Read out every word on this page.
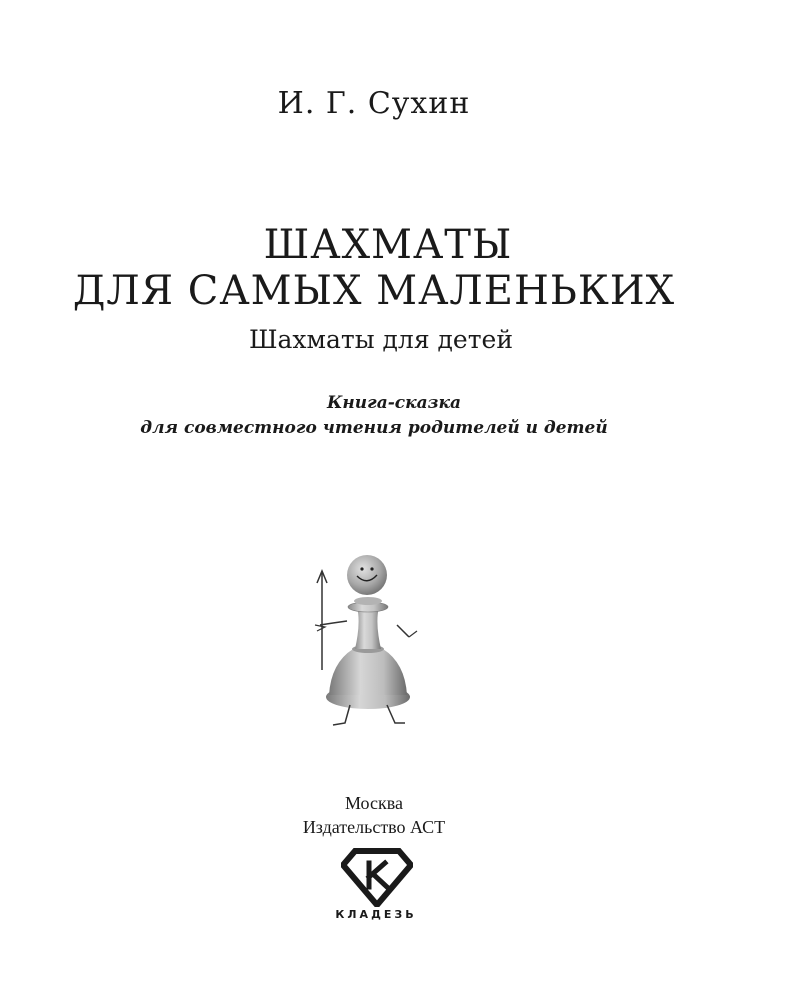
И. Г. Сухин
ШАХМАТЫ
ДЛЯ САМЫХ МАЛЕНЬКИХ
Шахматы для детей
Книга-сказка
для совместного чтения родителей и детей
Москва
Издательство АСТ
КЛАДЕЗЬ
